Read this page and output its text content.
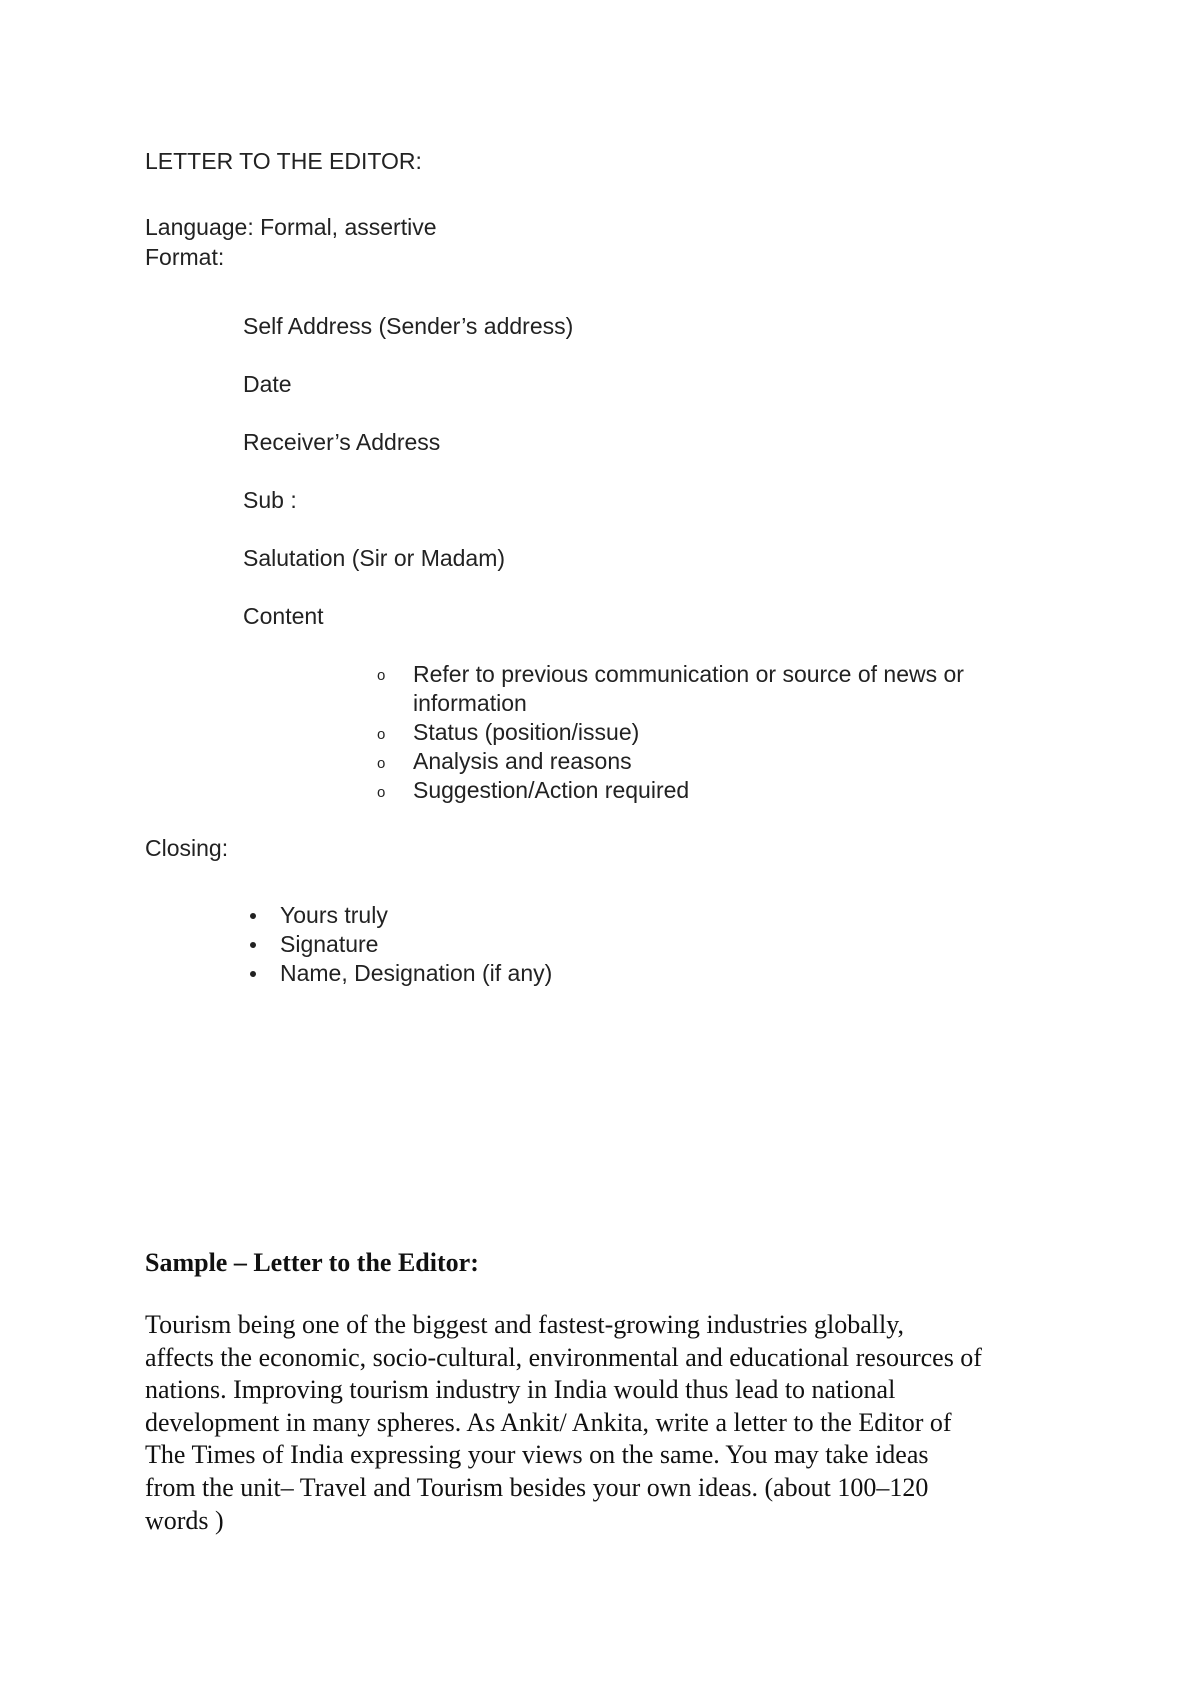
LETTER TO THE EDITOR:
Language: Formal, assertive
Format:
Self Address (Sender’s address)
Date
Receiver’s Address
Sub :
Salutation (Sir or Madam)
Content
o Refer to previous communication or source of news or
information
o Status (position/issue)
o Analysis and reasons
o Suggestion/Action required
Closing:
Yours truly
Signature
Name, Designation (if any)
Sample – Letter to the Editor:
Tourism being one of the biggest and fastest-growing industries globally,
affects the economic, socio-cultural, environmental and educational resources of
nations. Improving tourism industry in India would thus lead to national
development in many spheres. As Ankit/ Ankita, write a letter to the Editor of
The Times of India expressing your views on the same. You may take ideas
from the unit– Travel and Tourism besides your own ideas. (about 100–120
words )
